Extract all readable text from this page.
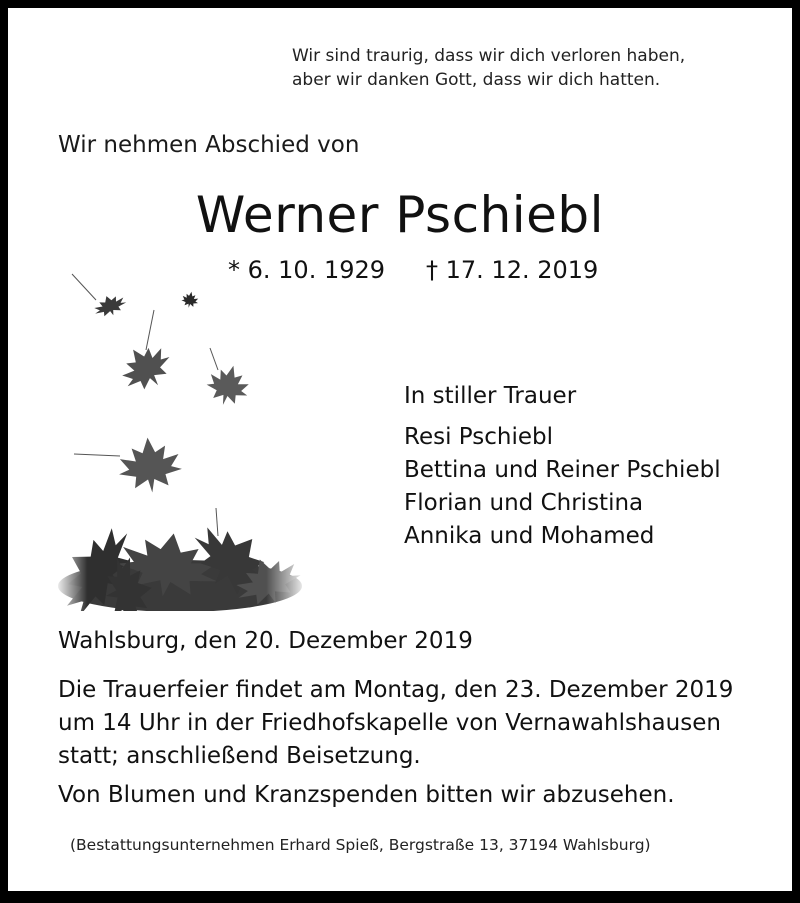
Wir sind traurig, dass wir dich verloren haben,
aber wir danken Gott, dass wir dich hatten.
Wir nehmen Abschied von
Werner Pschiebl
* 6. 10. 1929 † 17. 12. 2019
In stiller Trauer
Resi Pschiebl
Bettina und Reiner Pschiebl
Florian und Christina
Annika und Mohamed
Wahlsburg, den 20. Dezember 2019
Die Trauerfeier findet am Montag, den 23. Dezember 2019
um 14 Uhr in der Friedhofskapelle von Vernawahlshausen
statt; anschließend Beisetzung.
Von Blumen und Kranzspenden bitten wir abzusehen.
(Bestattungsunternehmen Erhard Spieß, Bergstraße 13, 37194 Wahlsburg)
